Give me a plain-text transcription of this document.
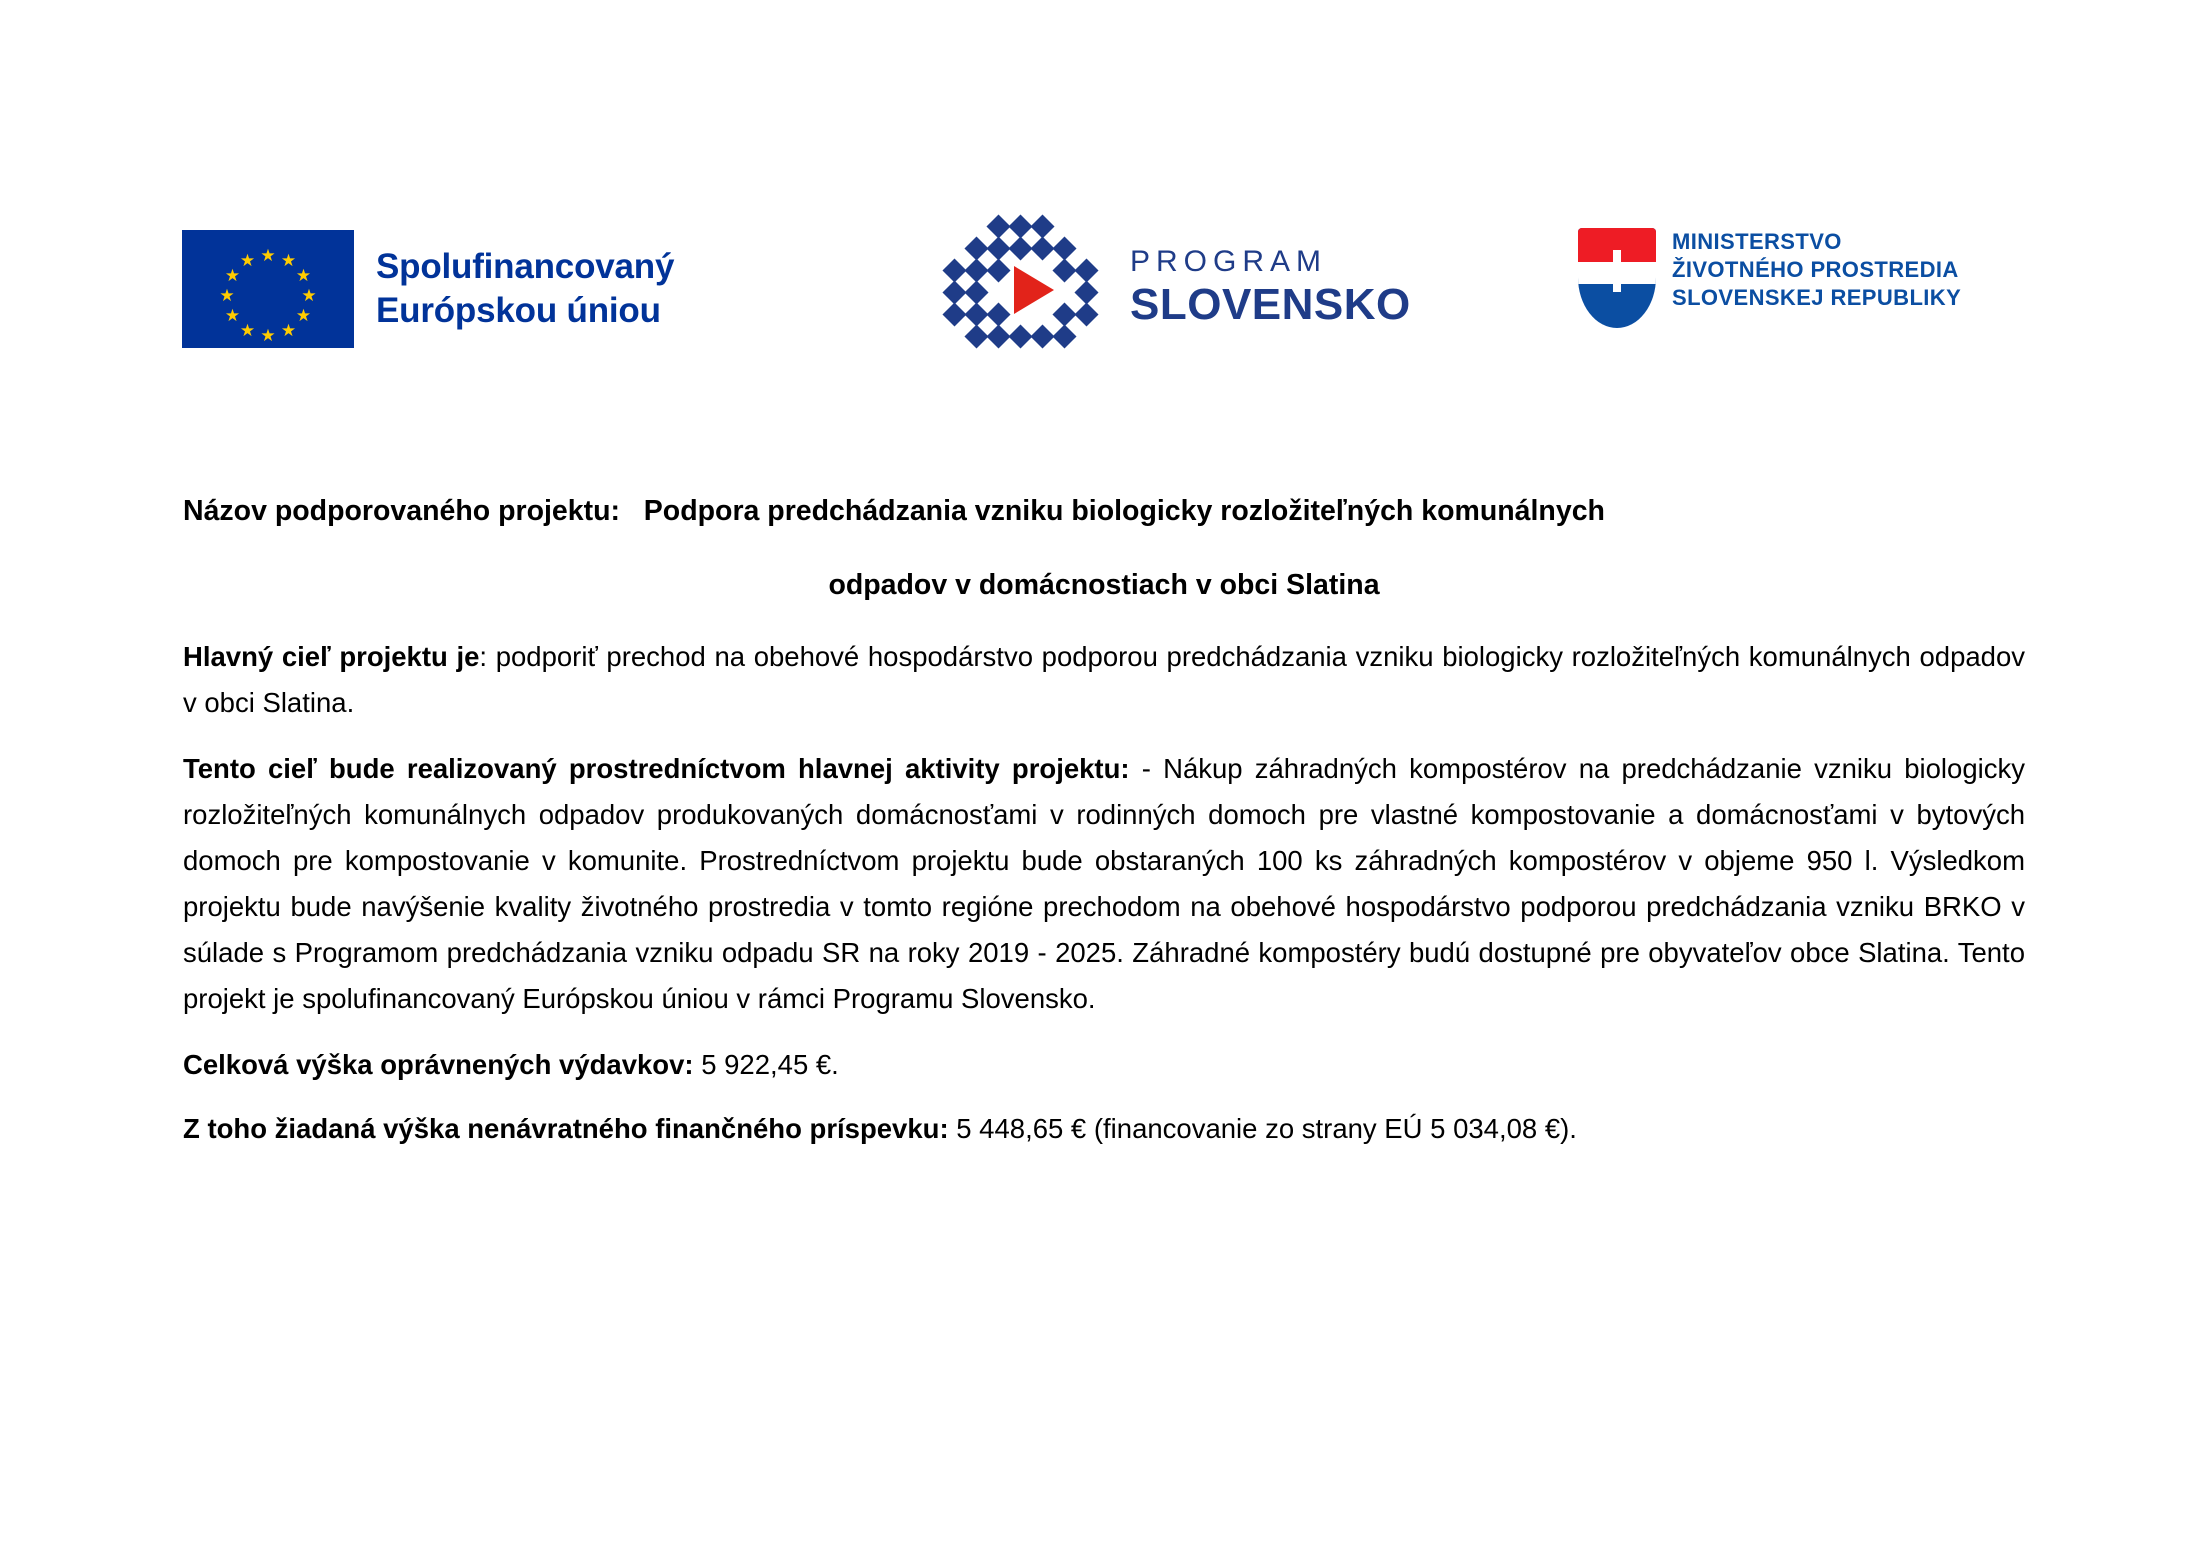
★ ★
★
★
★
★
★
★
★
★
★
★	Spolufinancovaný
Európskou úniou
PROGRAM
SLOVENSKO
MINISTERSTVO
ŽIVOTNÉHO PROSTREDIA
SLOVENSKEJ REPUBLIKY
Názov podporovaného projektu: Podpora predchádzania vzniku biologicky rozložiteľných komunálnych
odpadov v domácnostiach v obci Slatina

Hlavný cieľ projektu je: podporiť prechod na obehové hospodárstvo podporou predchádzania vzniku biologicky rozložiteľných komunálnych odpadov v obci Slatina.

Tento cieľ bude realizovaný prostredníctvom hlavnej aktivity projektu: - Nákup záhradných kompostérov na predchádzanie vzniku biologicky rozložiteľných komunálnych odpadov produkovaných domácnosťami v rodinných domoch pre vlastné kompostovanie a domácnosťami v bytových domoch pre kompostovanie v komunite. Prostredníctvom projektu bude obstaraných 100 ks záhradných kompostérov v objeme 950 l. Výsledkom projektu bude navýšenie kvality životného prostredia v tomto regióne prechodom na obehové hospodárstvo podporou predchádzania vzniku BRKO v súlade s Programom predchádzania vzniku odpadu SR na roky 2019 - 2025. Záhradné kompostéry budú dostupné pre obyvateľov obce Slatina. Tento projekt je spolufinancovaný Európskou úniou v rámci Programu Slovensko.

Celková výška oprávnených výdavkov: 5 922,45 €.

Z toho žiadaná výška nenávratného finančného príspevku: 5 448,65 € (financovanie zo strany EÚ 5 034,08 €).
